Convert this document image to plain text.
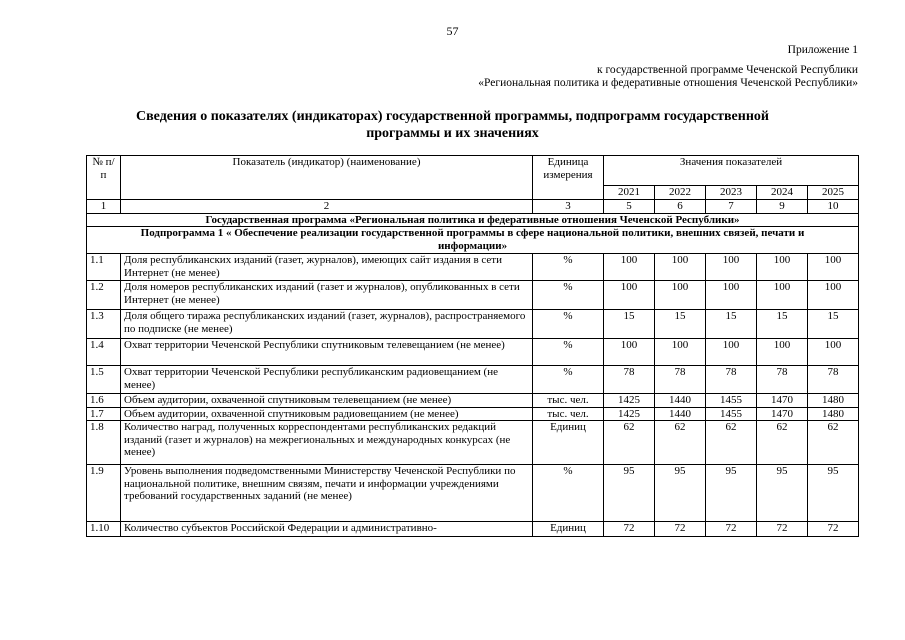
57
Приложение 1
к государственной программе Чеченской Республики
«Региональная политика и федеративные отношения Чеченской Республики»
Сведения о показателях (индикаторах) государственной программы, подпрограмм государственной
программы и их значениях
№ п/п	Показатель (индикатор) (наименование)	Единица измерения	Значения показателей				
			2021	2022	2023	2024	2025
1	2	3	5	6	7	9	10
Государственная программа «Региональная политика и федеративные отношения Чеченской Республики»							
Подпрограмма 1 « Обеспечение реализации государственной программы в сфере национальной политики, внешних связей, печати и информации»							
1.1	Доля республиканских изданий (газет, журналов), имеющих сайт издания в сети Интернет (не менее)	%	100	100	100	100	100
1.2	Доля номеров республиканских изданий (газет и журналов), опубликованных в сети Интернет (не менее)	%	100	100	100	100	100
1.3	Доля общего тиража республиканских изданий (газет, журналов), распространяемого по подписке (не менее)	%	15	15	15	15	15
1.4	Охват территории Чеченской Республики спутниковым телевещанием (не менее)	%	100	100	100	100	100
1.5	Охват территории Чеченской Республики республиканским радиовещанием (не менее)	%	78	78	78	78	78
1.6	Объем аудитории, охваченной спутниковым телевещанием (не менее)	тыс. чел.	1425	1440	1455	1470	1480
1.7	Объем аудитории, охваченной спутниковым радиовещанием (не менее)	тыс. чел.	1425	1440	1455	1470	1480
1.8	Количество наград, полученных корреспондентами республиканских редакций изданий (газет и журналов) на межрегиональных и международных конкурсах (не менее)	Единиц	62	62	62	62	62
1.9	Уровень выполнения подведомственными Министерству Чеченской Республики по национальной политике, внешним связям, печати и информации учреждениями требований государственных заданий (не менее)	%	95	95	95	95	95
1.10	Количество субъектов Российской Федерации и административно-	Единиц	72	72	72	72	72
